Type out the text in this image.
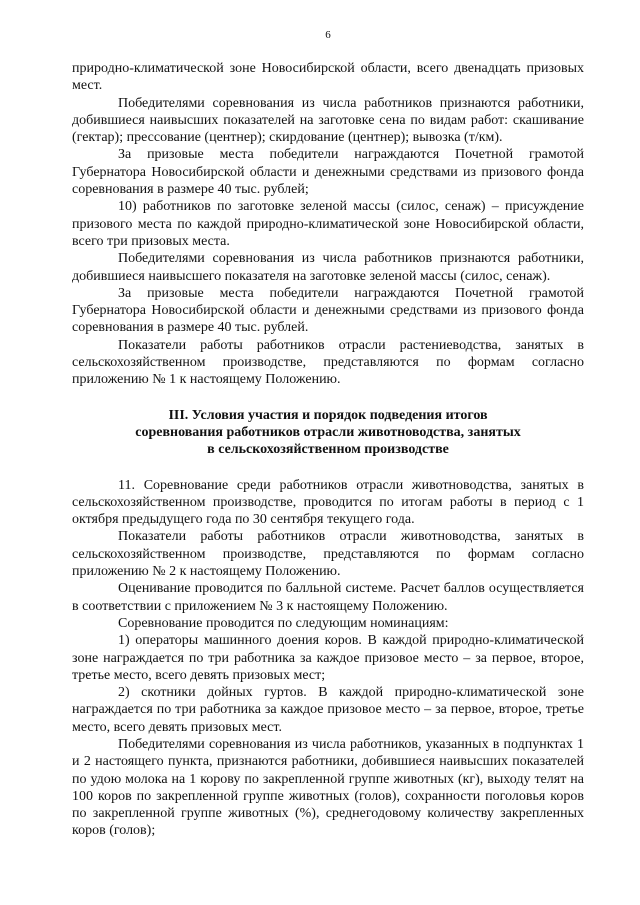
6

природно-климатической зоне Новосибирской области, всего двенадцать призовых мест.

Победителями соревнования из числа работников признаются работники, добившиеся наивысших показателей на заготовке сена по видам работ: скашивание (гектар); прессование (центнер); скирдование (центнер); вывозка (т/км).

За призовые места победители награждаются Почетной грамотой Губернатора Новосибирской области и денежными средствами из призового фонда соревнования в размере 40 тыс. рублей;

10) работников по заготовке зеленой массы (силос, сенаж) – присуждение призового места по каждой природно-климатической зоне Новосибирской области, всего три призовых места.

Победителями соревнования из числа работников признаются работники, добившиеся наивысшего показателя на заготовке зеленой массы (силос, сенаж).

За призовые места победители награждаются Почетной грамотой Губернатора Новосибирской области и денежными средствами из призового фонда соревнования в размере 40 тыс. рублей.

Показатели работы работников отрасли растениеводства, занятых в сельскохозяйственном производстве, представляются по формам согласно приложению № 1 к настоящему Положению.

III. Условия участия и порядок подведения итогов
соревнования работников отрасли животноводства, занятых
в сельскохозяйственном производстве

11. Соревнование среди работников отрасли животноводства, занятых в сельскохозяйственном производстве, проводится по итогам работы в период с 1 октября предыдущего года по 30 сентября текущего года.

Показатели работы работников отрасли животноводства, занятых в сельскохозяйственном производстве, представляются по формам согласно приложению № 2 к настоящему Положению.

Оценивание проводится по балльной системе. Расчет баллов осуществляется в соответствии с приложением № 3 к настоящему Положению.

Соревнование проводится по следующим номинациям:

1) операторы машинного доения коров. В каждой природно-климатической зоне награждается по три работника за каждое призовое место – за первое, второе, третье место, всего девять призовых мест;

2) скотники дойных гуртов. В каждой природно-климатической зоне награждается по три работника за каждое призовое место – за первое, второе, третье место, всего девять призовых мест.

Победителями соревнования из числа работников, указанных в подпунктах 1 и 2 настоящего пункта, признаются работники, добившиеся наивысших показателей по удою молока на 1 корову по закрепленной группе животных (кг), выходу телят на 100 коров по закрепленной группе животных (голов), сохранности поголовья коров по закрепленной группе животных (%), среднегодовому количеству закрепленных коров (голов);
